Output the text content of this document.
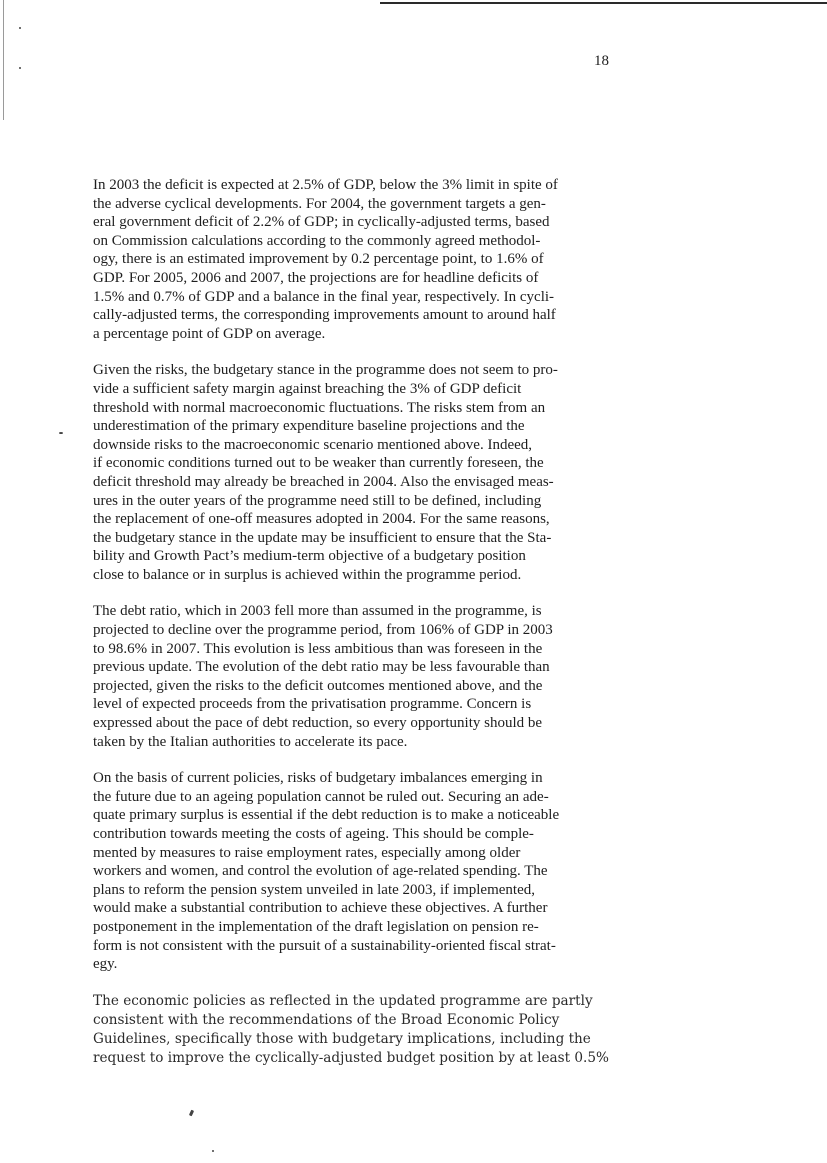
18

In 2003 the deficit is expected at 2.5% of GDP, below the 3% limit in spite of
the adverse cyclical developments. For 2004, the government targets a gen-
eral government deficit of 2.2% of GDP; in cyclically-adjusted terms, based
on Commission calculations according to the commonly agreed methodol-
ogy, there is an estimated improvement by 0.2 percentage point, to 1.6% of
GDP. For 2005, 2006 and 2007, the projections are for headline deficits of
1.5% and 0.7% of GDP and a balance in the final year, respectively. In cycli-
cally-adjusted terms, the corresponding improvements amount to around half
a percentage point of GDP on average.

Given the risks, the budgetary stance in the programme does not seem to pro-
vide a sufficient safety margin against breaching the 3% of GDP deficit
threshold with normal macroeconomic fluctuations. The risks stem from an
underestimation of the primary expenditure baseline projections and the
downside risks to the macroeconomic scenario mentioned above. Indeed,
if economic conditions turned out to be weaker than currently foreseen, the
deficit threshold may already be breached in 2004. Also the envisaged meas-
ures in the outer years of the programme need still to be defined, including
the replacement of one-off measures adopted in 2004. For the same reasons,
the budgetary stance in the update may be insufficient to ensure that the Sta-
bility and Growth Pact’s medium-term objective of a budgetary position
close to balance or in surplus is achieved within the programme period.

The debt ratio, which in 2003 fell more than assumed in the programme, is
projected to decline over the programme period, from 106% of GDP in 2003
to 98.6% in 2007. This evolution is less ambitious than was foreseen in the
previous update. The evolution of the debt ratio may be less favourable than
projected, given the risks to the deficit outcomes mentioned above, and the
level of expected proceeds from the privatisation programme. Concern is
expressed about the pace of debt reduction, so every opportunity should be
taken by the Italian authorities to accelerate its pace.

On the basis of current policies, risks of budgetary imbalances emerging in
the future due to an ageing population cannot be ruled out. Securing an ade-
quate primary surplus is essential if the debt reduction is to make a noticeable
contribution towards meeting the costs of ageing. This should be comple-
mented by measures to raise employment rates, especially among older
workers and women, and control the evolution of age-related spending. The
plans to reform the pension system unveiled in late 2003, if implemented,
would make a substantial contribution to achieve these objectives. A further
postponement in the implementation of the draft legislation on pension re-
form is not consistent with the pursuit of a sustainability-oriented fiscal strat-
egy.

The economic policies as reflected in the updated programme are partly
consistent with the recommendations of the Broad Economic Policy
Guidelines, specifically those with budgetary implications, including the
request to improve the cyclically-adjusted budget position by at least 0.5%
